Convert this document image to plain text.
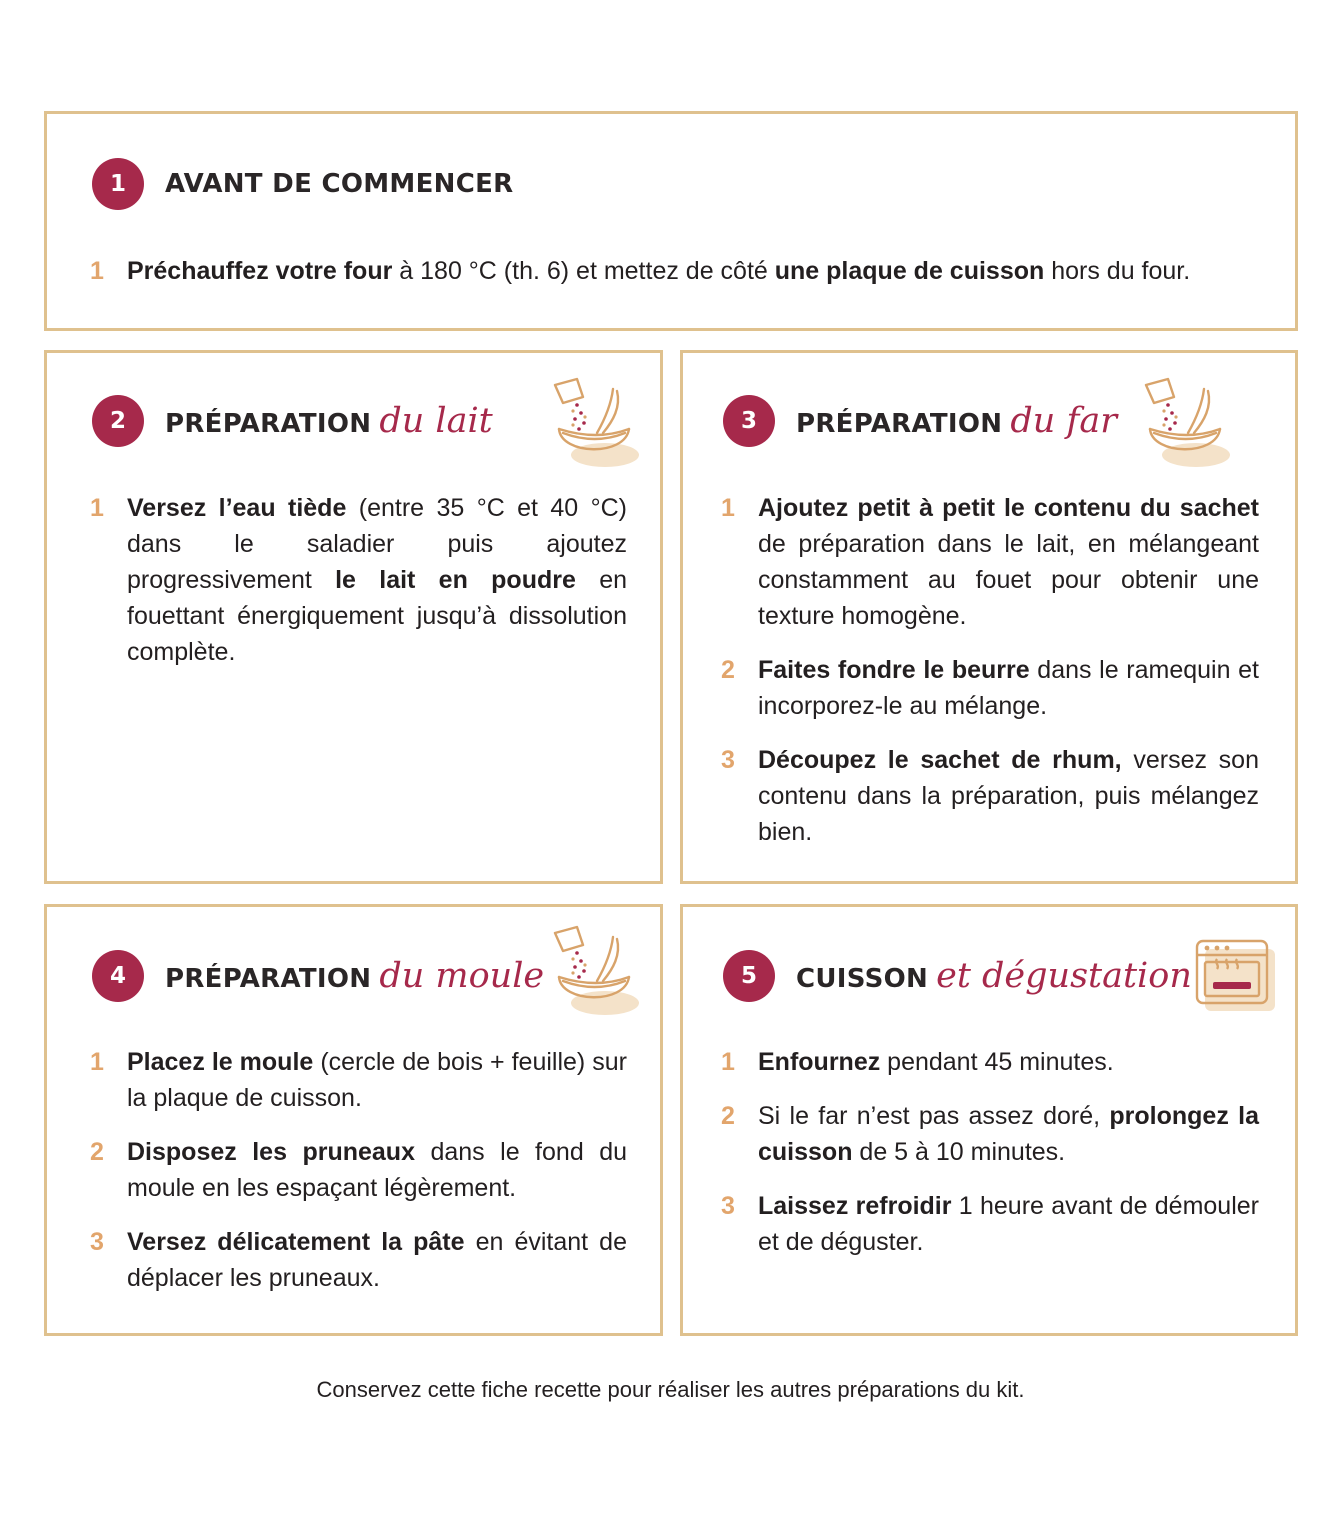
1	AVANT DE COMMENCER
1 Préchauffez votre four à 180 °C (th. 6) et mettez de côté une plaque de cuisson hors du four.
2	PRÉPARATION du lait
1 Versez l’eau tiède (entre 35 °C et 40 °C) dans le saladier puis ajoutez progressivement le lait en poudre en fouettant énergiquement jusqu’à dissolution complète.
3	PRÉPARATION du far
1 Ajoutez petit à petit le contenu du sachet de préparation dans le lait, en mélangeant constamment au fouet pour obtenir une texture homogène.
2 Faites fondre le beurre dans le ramequin et incorporez-le au mélange.
3 Découpez le sachet de rhum, versez son contenu dans la préparation, puis mélangez bien.
4	PRÉPARATION du moule
1 Placez le moule (cercle de bois + feuille) sur la plaque de cuisson.
2 Disposez les pruneaux dans le fond du moule en les espaçant légèrement.
3 Versez délicatement la pâte en évitant de déplacer les pruneaux.
5	CUISSON et dégustation
1 Enfournez pendant 45 minutes.
2 Si le far n’est pas assez doré, prolongez la cuisson de 5 à 10 minutes.
3 Laissez refroidir 1 heure avant de démouler et de déguster.
Conservez cette fiche recette pour réaliser les autres préparations du kit.
